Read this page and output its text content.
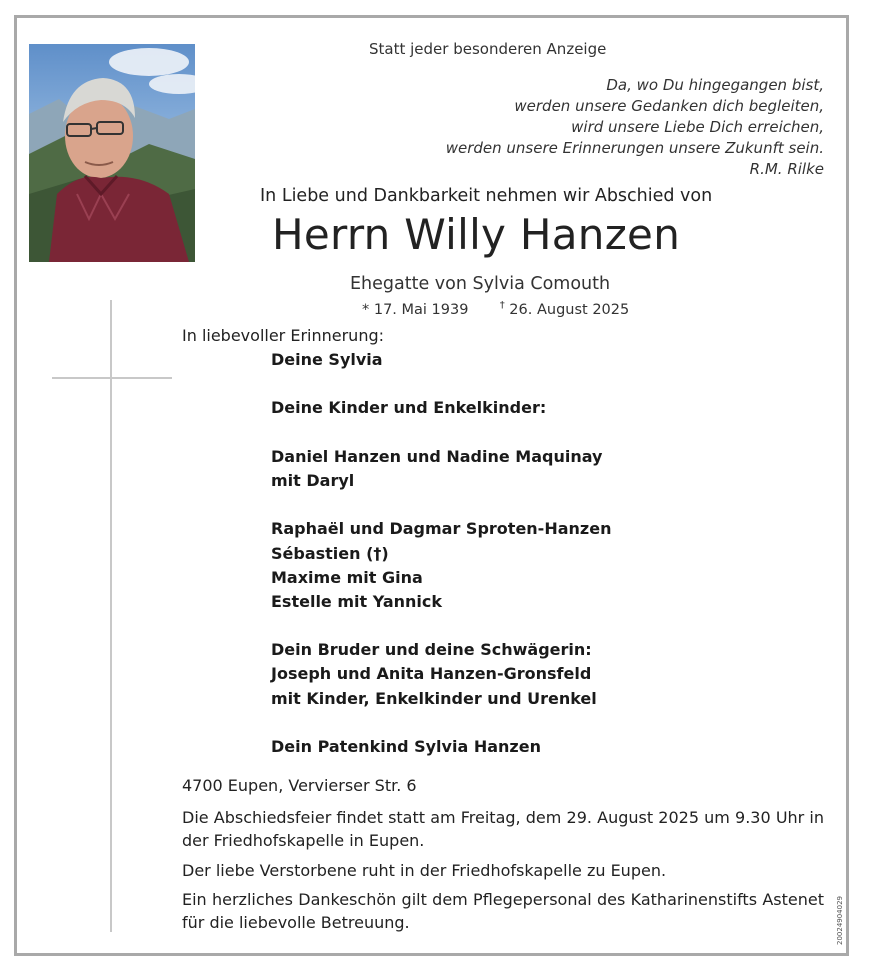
Statt jeder besonderen Anzeige
Da, wo Du hingegangen bist,
werden unsere Gedanken dich begleiten,
wird unsere Liebe Dich erreichen,
werden unsere Erinnerungen unsere Zukunft sein.
R.M. Rilke
In Liebe und Dankbarkeit nehmen wir Abschied von
Herrn Willy Hanzen
Ehegatte von Sylvia Comouth
* 17. Mai 1939	† 26. August 2025
In liebevoller Erinnerung:
Deine Sylvia
Deine Kinder und Enkelkinder:
Daniel Hanzen und Nadine Maquinay
mit Daryl
Raphaël und Dagmar Sproten-Hanzen
Sébastien (†)
Maxime mit Gina
Estelle mit Yannick
Dein Bruder und deine Schwägerin:
Joseph und Anita Hanzen-Gronsfeld
mit Kinder, Enkelkinder und Urenkel
Dein Patenkind Sylvia Hanzen
4700 Eupen, Vervierser Str. 6
Die Abschiedsfeier findet statt am Freitag, dem 29. August 2025 um 9.30 Uhr in der Friedhofskapelle in Eupen.
Der liebe Verstorbene ruht in der Friedhofskapelle zu Eupen.
Ein herzliches Dankeschön gilt dem Pflegepersonal des Katharinenstifts Astenet für die liebevolle Betreuung.	20024904029
